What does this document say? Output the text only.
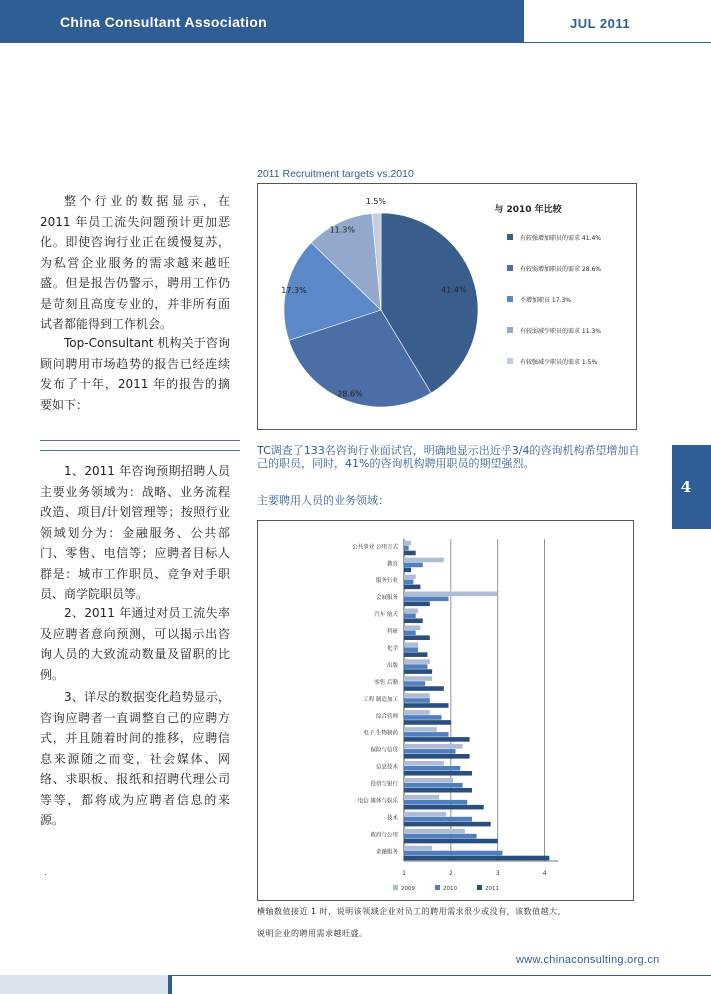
China Consultant Association	JUL 2011
整个行业的数据显示，在 2011 年员工流失问题预计更加恶化。即使咨询行业正在缓慢复苏，为私営企业服务的需求越来越旺盛。但是报告仍警示，聘用工作仍是苛刻且高度专业的，并非所有面试者都能得到工作机会。
Top-Consultant 机构关于咨询顾问聘用市场趋势的报告已经连续发布了十年，2011 年的报告的摘要如下：
1、2011 年咨询预期招聘人员主要业务领域为：战略、业务流程改造、项目/计划管理等；按照行业领域划分为：金融服务、公共部门、零售、电信等；应聘者目标人群是：城市工作职员、竞争对手职员、商学院职员等。
2、2011 年通过对员工流失率及应聘者意向预测，可以揭示出咨询人员的大致流动数量及留职的比例。
3、详尽的数据变化趋势显示，咨询应聘者一直调整自己的应聘方式，并且随着时间的推移，应聘信息来源随之而变，社会媒体、网络、求职板、报纸和招聘代理公司等等，都将成为应聘者信息的来源。
.
2011 Recruitment targets vs.2010
41.4%
28.6%
17.3%
11.3%
1.5%
与 2010 年比较
有较强增加职员的需求 41.4%
有较弱增加职员的需求 28.6%
不增加职员 17.3%
有较弱减少职员的需求 11.3%
有较强减少职员的需求 1.5%
TC调查了133名咨询行业面试官，明确地显示出近乎3/4的咨询机构希望增加自己的职员，同时，41%的咨询机构聘用职员的期望强烈。
主要聘用人员的业务领域：
1	2	3	4
公共事业 公用方式
教育
服务行业
会展服务
汽车 航天
科研
化学
出版
零售 后勤
工程 制造加工
综合管理
电子 生物制药
保险与信贷
信息技术
投资与银行
电信 媒体与娱乐
技术
政府与公用
金融服务
2009	2010	2011
横轴数值接近 1 时，说明该领域企业对员工的聘用需求很少或没有，该数值越大，
说明企业的聘用需求越旺盛。
4
www.chinaconsulting.org.cn
